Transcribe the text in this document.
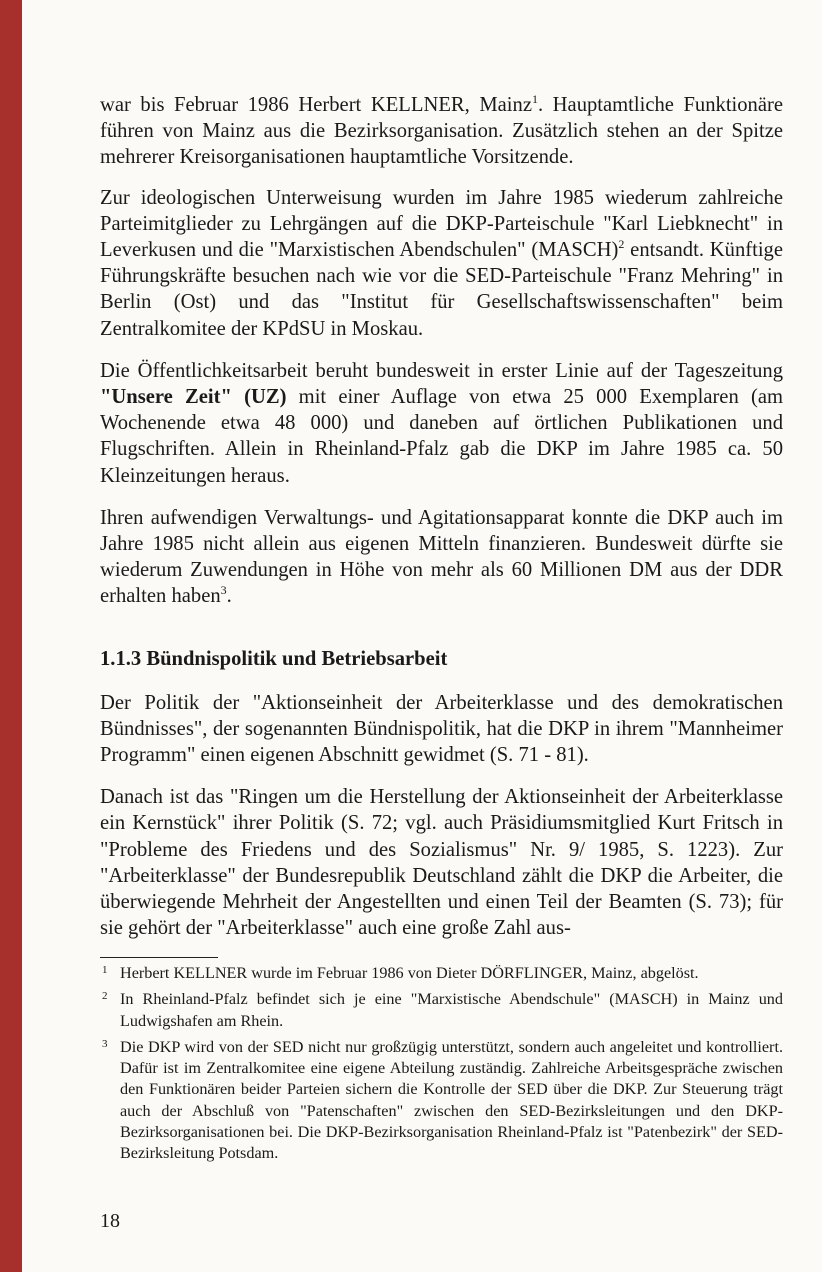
war bis Februar 1986 Herbert KELLNER, Mainz$^1$. Hauptamtliche Funktionäre führen von Mainz aus die Bezirksorganisation. Zusätzlich stehen an der Spitze mehrerer Kreisorganisationen hauptamtliche Vorsitzende.

Zur ideologischen Unterweisung wurden im Jahre 1985 wiederum zahlreiche Parteimitglieder zu Lehrgängen auf die DKP-Parteischule "Karl Liebknecht" in Leverkusen und die "Marxistischen Abendschulen" (MASCH)$^2$ entsandt. Künftige Führungskräfte besuchen nach wie vor die SED-Parteischule "Franz Mehring" in Berlin (Ost) und das "Institut für Gesellschaftswissenschaften" beim Zentralkomitee der KPdSU in Moskau.

Die Öffentlichkeitsarbeit beruht bundesweit in erster Linie auf der Tageszeitung "Unsere Zeit" (UZ) mit einer Auflage von etwa 25 000 Exemplaren (am Wochenende etwa 48 000) und daneben auf örtlichen Publikationen und Flugschriften. Allein in Rheinland-Pfalz gab die DKP im Jahre 1985 ca. 50 Kleinzeitungen heraus.

Ihren aufwendigen Verwaltungs- und Agitationsapparat konnte die DKP auch im Jahre 1985 nicht allein aus eigenen Mitteln finanzieren. Bundesweit dürfte sie wiederum Zuwendungen in Höhe von mehr als 60 Millionen DM aus der DDR erhalten haben$^3$.

1.1.3 Bündnispolitik und Betriebsarbeit

Der Politik der "Aktionseinheit der Arbeiterklasse und des demokratischen Bündnisses", der sogenannten Bündnispolitik, hat die DKP in ihrem "Mannheimer Programm" einen eigenen Abschnitt gewidmet (S. 71 - 81).

Danach ist das "Ringen um die Herstellung der Aktionseinheit der Arbeiterklasse ein Kernstück" ihrer Politik (S. 72; vgl. auch Präsidiumsmitglied Kurt Fritsch in "Probleme des Friedens und des Sozialismus" Nr. 9/ 1985, S. 1223). Zur "Arbeiterklasse" der Bundesrepublik Deutschland zählt die DKP die Arbeiter, die überwiegende Mehrheit der Angestellten und einen Teil der Beamten (S. 73); für sie gehört der "Arbeiterklasse" auch eine große Zahl aus-

1 Herbert KELLNER wurde im Februar 1986 von Dieter DÖRFLINGER, Mainz, abgelöst.
2 In Rheinland-Pfalz befindet sich je eine "Marxistische Abendschule" (MASCH) in Mainz und Ludwigshafen am Rhein.
3 Die DKP wird von der SED nicht nur großzügig unterstützt, sondern auch angeleitet und kontrolliert. Dafür ist im Zentralkomitee eine eigene Abteilung zuständig. Zahlreiche Arbeitsgespräche zwischen den Funktionären beider Parteien sichern die Kontrolle der SED über die DKP. Zur Steuerung trägt auch der Abschluß von "Patenschaften" zwischen den SED-Bezirksleitungen und den DKP-Bezirksorganisationen bei. Die DKP-Bezirksorganisation Rheinland-Pfalz ist "Patenbezirk" der SED-Bezirksleitung Potsdam.
18
